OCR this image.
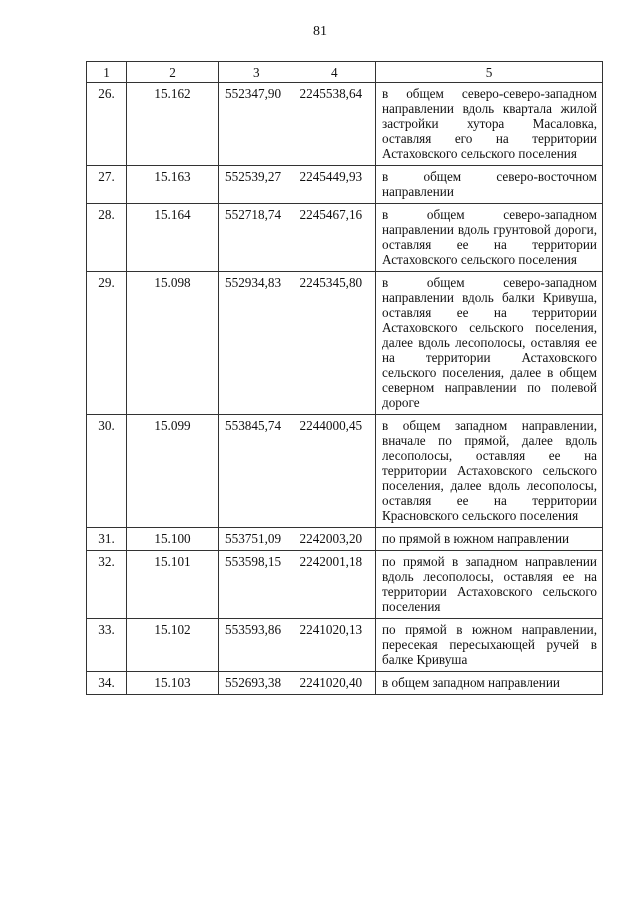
81
1	2	3	4	5
26.	15.162	552347,90	2245538,64	в общем северо-северо-западном направлении вдоль квартала жилой застройки хутора Масаловка, оставляя его на территории Астаховского сельского поселения
27.	15.163	552539,27	2245449,93	в общем северо-восточном направлении
28.	15.164	552718,74	2245467,16	в общем северо-западном направлении вдоль грунтовой дороги, оставляя ее на территории Астаховского сельского поселения
29.	15.098	552934,83	2245345,80	в общем северо-западном направлении вдоль балки Кривуша, оставляя ее на территории Астаховского сельского поселения, далее вдоль лесополосы, оставляя ее на территории Астаховского сельского поселения, далее в общем северном направлении по полевой дороге
30.	15.099	553845,74	2244000,45	в общем западном направлении, вначале по прямой, далее вдоль лесополосы, оставляя ее на территории Астаховского сельского поселения, далее вдоль лесополосы, оставляя ее на территории Красновского сельского поселения
31.	15.100	553751,09	2242003,20	по прямой в южном направлении
32.	15.101	553598,15	2242001,18	по прямой в западном направлении вдоль лесополосы, оставляя ее на территории Астаховского сельского поселения
33.	15.102	553593,86	2241020,13	по прямой в южном направлении, пересекая пересыхающей ручей в балке Кривуша
34.	15.103	552693,38	2241020,40	в общем западном направлении
